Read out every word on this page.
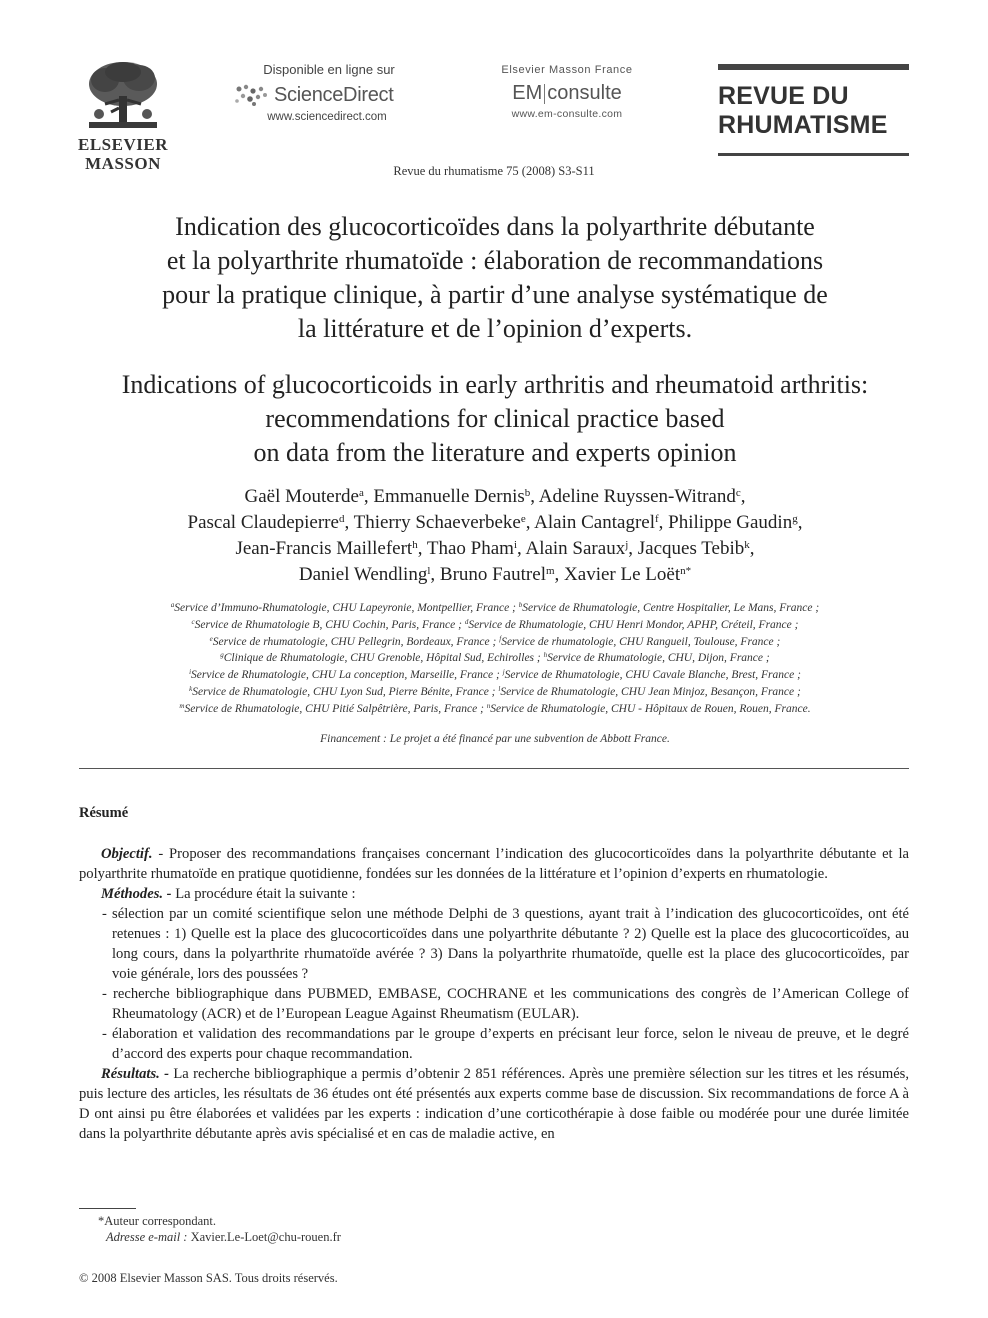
ELSEVIER
MASSON
Disponible en ligne sur
ScienceDirect
www.sciencedirect.com
Elsevier Masson France
EM consulte
www.em-consulte.com
REVUE DU
RHUMATISME
Revue du rhumatisme 75 (2008) S3-S11
Indication des glucocorticoïdes dans la polyarthrite débutante
et la polyarthrite rhumatoïde : élaboration de recommandations
pour la pratique clinique, à partir d’une analyse systématique de
la littérature et de l’opinion d’experts.
Indications of glucocorticoids in early arthritis and rheumatoid arthritis:
recommendations for clinical practice based
on data from the literature and experts opinion
Gaël Mouterde$^a$, Emmanuelle Dernis$^b$, Adeline Ruyssen-Witrand$^c$,
Pascal Claudepierre$^d$, Thierry Schaeverbeke$^e$, Alain Cantagrel$^f$, Philippe Gaudin$^g$,
Jean-Francis Maillefert$^h$, Thao Pham$^i$, Alain Saraux$^j$, Jacques Tebib$^k$,
Daniel Wendling$^l$, Bruno Fautrel$^m$, Xavier Le Loët$^{n*}$
$^a$Service d’Immuno-Rhumatologie, CHU Lapeyronie, Montpellier, France ; $^b$Service de Rhumatologie, Centre Hospitalier, Le Mans, France ;
$^c$Service de Rhumatologie B, CHU Cochin, Paris, France ; $^d$Service de Rhumatologie, CHU Henri Mondor, APHP, Créteil, France ;
$^e$Service de rhumatologie, CHU Pellegrin, Bordeaux, France ; $^f$Service de rhumatologie, CHU Rangueil, Toulouse, France ;
$^g$Clinique de Rhumatologie, CHU Grenoble, Hôpital Sud, Echirolles ; $^h$Service de Rhumatologie, CHU, Dijon, France ;
$^i$Service de Rhumatologie, CHU La conception, Marseille, France ; $^j$Service de Rhumatologie, CHU Cavale Blanche, Brest, France ;
$^k$Service de Rhumatologie, CHU Lyon Sud, Pierre Bénite, France ; $^l$Service de Rhumatologie, CHU Jean Minjoz, Besançon, France ;
$^m$Service de Rhumatologie, CHU Pitié Salpêtrière, Paris, France ; $^n$Service de Rhumatologie, CHU - Hôpitaux de Rouen, Rouen, France.
Financement : Le projet a été financé par une subvention de Abbott France.
Résumé

Objectif. - Proposer des recommandations françaises concernant l’indication des glucocorticoïdes dans la polyarthrite débutante et la polyarthrite rhumatoïde en pratique quotidienne, fondées sur les données de la littérature et l’opinion d’experts en rhumatologie.

Méthodes. - La procédure était la suivante :

- sélection par un comité scientifique selon une méthode Delphi de 3 questions, ayant trait à l’indication des glucocorticoïdes, ont été retenues : 1) Quelle est la place des glucocorticoïdes dans une polyarthrite débutante ? 2) Quelle est la place des glucocorticoïdes, au long cours, dans la polyarthrite rhumatoïde avérée ? 3) Dans la polyarthrite rhumatoïde, quelle est la place des glucocorticoïdes, par voie générale, lors des poussées ?

- recherche bibliographique dans PUBMED, EMBASE, COCHRANE et les communications des congrès de l’American College of Rheumatology (ACR) et de l’European League Against Rheumatism (EULAR).

- élaboration et validation des recommandations par le groupe d’experts en précisant leur force, selon le niveau de preuve, et le degré d’accord des experts pour chaque recommandation.

Résultats. - La recherche bibliographique a permis d’obtenir 2 851 références. Après une première sélection sur les titres et les résumés, puis lecture des articles, les résultats de 36 études ont été présentés aux experts comme base de discussion. Six recommandations de force A à D ont ainsi pu être élaborées et validées par les experts : indication d’une corticothérapie à dose faible ou modérée pour une durée limitée dans la polyarthrite débutante après avis spécialisé et en cas de maladie active, en

*Auteur correspondant.
Adresse e-mail : Xavier.Le-Loet@chu-rouen.fr
© 2008 Elsevier Masson SAS. Tous droits réservés.
